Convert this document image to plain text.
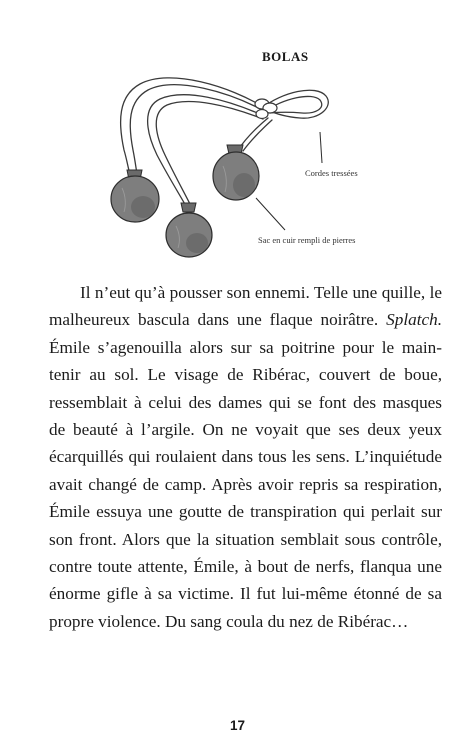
BOLAS
Cordes tressées
Sac en cuir rempli de pierres
Il n’eut qu’à pousser son ennemi. Telle une quille, le
malheureux bascula dans une flaque noirâtre. Splatch.
Émile s’agenouilla alors sur sa poitrine pour le main-
tenir au sol. Le visage de Ribérac, couvert de boue,
ressemblait à celui des dames qui se font des masques
de beauté à l’argile. On ne voyait que ses deux yeux
écarquillés qui roulaient dans tous les sens. L’inquiétude
avait changé de camp. Après avoir repris sa respiration,
Émile essuya une goutte de transpiration qui perlait sur
son front. Alors que la situation semblait sous contrôle,
contre toute attente, Émile, à bout de nerfs, flanqua une
énorme gifle à sa victime. Il fut lui-même étonné de sa
propre violence. Du sang coula du nez de Ribérac…
17
